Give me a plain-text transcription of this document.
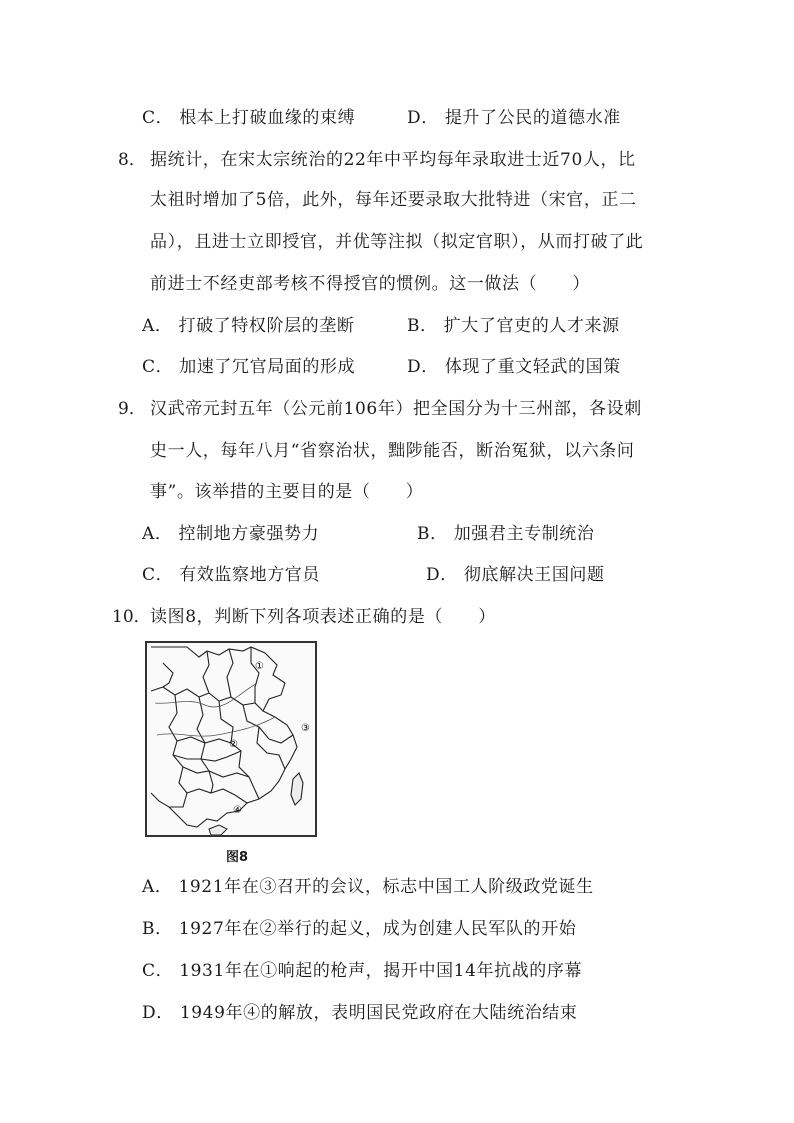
C． 根本上打破血缘的束缚	D． 提升了公民的道德水准
8． 据统计，在宋太宗统治的22年中平均每年录取进士近70人，比
太祖时增加了5倍，此外，每年还要录取大批特进（宋官，正二
品），且进士立即授官，并优等注拟（拟定官职），从而打破了此
前进士不经吏部考核不得授官的惯例。这一做法（　　）
A． 打破了特权阶层的垄断	B． 扩大了官吏的人才来源
C． 加速了冗官局面的形成	D． 体现了重文轻武的国策
9． 汉武帝元封五年（公元前106年）把全国分为十三州部，各设刺
史一人，每年八月“省察治状，黜陟能否，断治冤狱，以六条问
事”。该举措的主要目的是（　　）
A． 控制地方豪强势力	B． 加强君主专制统治
C． 有效监察地方官员	D． 彻底解决王国问题
10． 读图8，判断下列各项表述正确的是（　　）
①
②
③
④
图8
A． 1921年在③召开的会议，标志中国工人阶级政党诞生
B． 1927年在②举行的起义，成为创建人民军队的开始
C． 1931年在①响起的枪声，揭开中国14年抗战的序幕
D． 1949年④的解放，表明国民党政府在大陆统治结束
